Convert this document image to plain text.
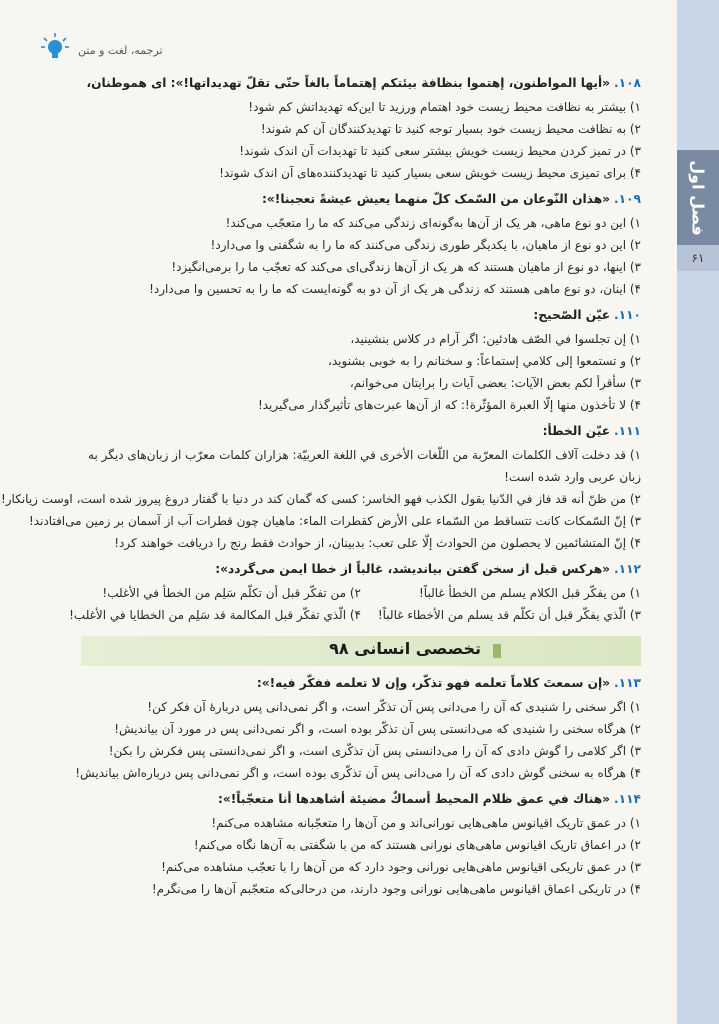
فصل اول
۶۱
ترجمه، لغت و متن
۱۰۸.«أيها المواطنون، إهتموا بنظافة بيئتكم إهتماماً بالغاً حتّى تقلّ تهديداتها!»: ای هموطنان،
۱) بیشتر به نظافت محیط زیست خود اهتمام ورزید تا این‌که تهدیداتش کم شود!
۲) به نظافت محیط زیست خود بسیار توجه کنید تا تهدیدکنندگان آن کم شوند!
۳) در تمیز کردن محیط زیست خویش بیشتر سعی کنید تا تهدیدات آن اندک شوند!
۴) برای تمیزی محیط زیست خویش سعی بسیار کنید تا تهدیدکننده‌های آن اندک شوند!
۱۰۹.«هذان النّوعان من السّمک كلّ منهما يعيش عيشةً تعجبنا!»:
۱) این دو نوع ماهی، هر یک از آن‌ها به‌گونه‌ای زندگی می‌کند که ما را متعجّب می‌کند!
۲) این دو نوع از ماهیان، با یکدیگر طوری زندگی می‌کنند که ما را به شگفتی وا می‌دارد!
۳) اینها، دو نوع از ماهیان هستند که هر یک از آن‌ها زندگی‌ای می‌کند که تعجّب ما را برمی‌انگیزد!
۴) اینان، دو نوع ماهی هستند که زندگی هر یک از آن دو به گونه‌ایست که ما را به تحسین وا می‌دارد!
۱۱۰.عيّن الصّحيح:
۱) إن تجلسوا في الصّف هادئين: اگر آرام در کلاس بنشینید،
۲) و تستمعوا إلى كلامي إستماعاً: و سخنانم را به خوبی بشنوید،
۳) سأقرأ لكم بعض الآيات: بعضی آیات را برایتان می‌خوانم،
۴) لا تأخذون منها إلّا العبرة المؤثّرة!: که از آن‌ها عبرت‌های تأثیرگذار می‌گیرید!
۱۱۱.عيّن الخطأ:
۱) قد دخلت آلاف الكلمات المعرّبة من اللّغات الأخرى في اللغة العربيّة: هزاران کلمات معرّب از زبان‌های دیگر به
زبان عربی وارد شده است!
۲) من ظنّ أنه قد فاز في الدّنيا بقول الكذب فهو الخاسر: کسی که گمان کند در دنیا با گفتار دروغ پیروز شده است، اوست زیانکار!
۳) إنّ السّمكات كانت تتساقط من السّماء على الأرض كقطرات الماء: ماهیان چون قطرات آب از آسمان بر زمین می‌افتادند!
۴) إنّ المتشائمين لا يحصلون من الحوادث إلّا على تعب: بدبینان، از حوادث فقط رنج را دریافت خواهند کرد!
۱۱۲.«هرکس قبل از سخن گفتن بیاندیشد، غالباً از خطا ایمن می‌گردد»:
۱) من يفكّر قبل الكلام يسلم من الخطأ غالباً!
۲) من تفكّر قبل أن تكلّم سَلِم من الخطأ في الأغلب!
۳) الّذي يفكّر قبل أن تكلّم قد يسلم من الأخطاء غالباً!
۴) الّذي تفكّر قبل المكالمة قد سَلِم من الخطايا في الأغلب!
تخصصی انسانی ۹۸
۱۱۳.«إن سمعتَ كلاماً تعلمه فهو تذكّر، وإن لا تعلمه ففكّر فيه!»:
۱) اگر سخنی را شنیدی که آن را می‌دانی پس آن تذکّر است، و اگر نمی‌دانی پس دربارهٔ آن فکر کن!
۲) هرگاه سخنی را شنیدی که می‌دانستی پس آن تذکّر بوده است، و اگر نمی‌دانی پس در مورد آن بیاندیش!
۳) اگر کلامی را گوش دادی که آن را می‌دانستی پس آن تذکّری است، و اگر نمی‌دانستی پس فکرش را بکن!
۴) هرگاه به سخنی گوش دادی که آن را می‌دانی پس آن تذکّری بوده است، و اگر نمی‌دانی پس درباره‌اش بیاندیش!
۱۱۴.«هناك في عمق ظلام المحيط أسماكٌ مضيئة أشاهدها أنا متعجّباً!»:
۱) در عمق تاریک اقیانوس ماهی‌هایی نورانی‌اند و من آن‌ها را متعجّبانه مشاهده می‌کنم!
۲) در اعماق تاریک اقیانوس ماهی‌های نورانی هستند که من با شگفتی به آن‌ها نگاه می‌کنم!
۳) در عمق تاریکی اقیانوس ماهی‌هایی نورانی وجود دارد که من آن‌ها را با تعجّب مشاهده می‌کنم!
۴) در تاریکی اعماق اقیانوس ماهی‌هایی نورانی وجود دارند، من درحالی‌که متعجّبم آن‌ها را می‌نگرم!
